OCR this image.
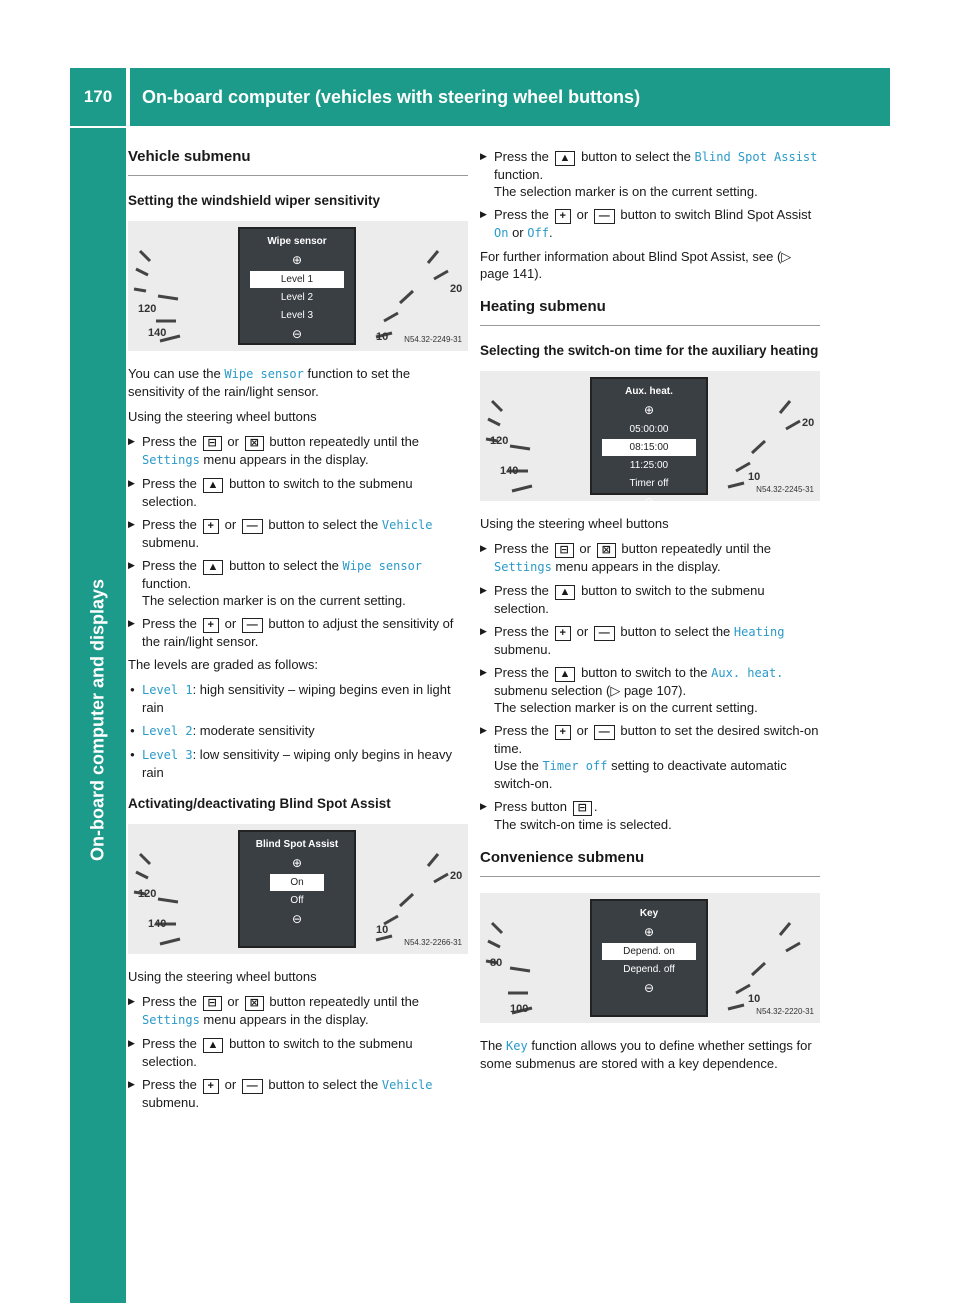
170	On-board computer (vehicles with steering wheel buttons)
On-board computer and displays
Vehicle submenu
Setting the windshield wiper sensitivity
120
140
20
10
Wipe sensor
⊕
Level 1
Level 2
Level 3
⊖	N54.32-2249-31

You can use the Wipe sensor function to set the sensitivity of the rain/light sensor.

Using the steering wheel buttons

▶ Press the ⊟ or ⊠ button repeatedly until the Settings menu appears in the display.
▶ Press the ▲ button to switch to the submenu selection.
▶ Press the + or — button to select the Vehicle submenu.
▶ Press the ▲ button to select the Wipe sensor function.
The selection marker is on the current setting.
▶ Press the + or — button to adjust the sensitivity of the rain/light sensor.

The levels are graded as follows:

● Level 1: high sensitivity – wiping begins even in light rain
● Level 2: moderate sensitivity
● Level 3: low sensitivity – wiping only begins in heavy rain
Activating/deactivating Blind Spot Assist
120
140
20
10
Blind Spot Assist
⊕
On
Off
⊖
N54.32-2266-31

Using the steering wheel buttons

▶ Press the ⊟ or ⊠ button repeatedly until the Settings menu appears in the display.
▶ Press the ▲ button to switch to the submenu selection.
▶ Press the + or — button to select the Vehicle submenu.
▶ Press the ▲ button to select the Blind Spot Assist function.
The selection marker is on the current setting.
▶ Press the + or — button to switch Blind Spot Assist On or Off.

For further information about Blind Spot Assist, see (▷ page 141).

Heating submenu
Selecting the switch-on time for the auxiliary heating
120
140
20
10
Aux. heat.
⊕
05:00:00
08:15:00
11:25:00
Timer off
⊖
N54.32-2245-31

Using the steering wheel buttons

▶ Press the ⊟ or ⊠ button repeatedly until the Settings menu appears in the display.
▶ Press the ▲ button to switch to the submenu selection.
▶ Press the + or — button to select the Heating submenu.
▶ Press the ▲ button to switch to the Aux. heat. submenu selection (▷ page 107).
The selection marker is on the current setting.
▶ Press the + or — button to set the desired switch-on time.
Use the Timer off setting to deactivate automatic switch-on.
▶ Press button ⊟ .
The switch-on time is selected.
Convenience submenu
80
100
10
Key
⊕
Depend. on
Depend. off
⊖
N54.32-2220-31

The Key function allows you to define whether settings for some submenus are stored with a key dependence.
